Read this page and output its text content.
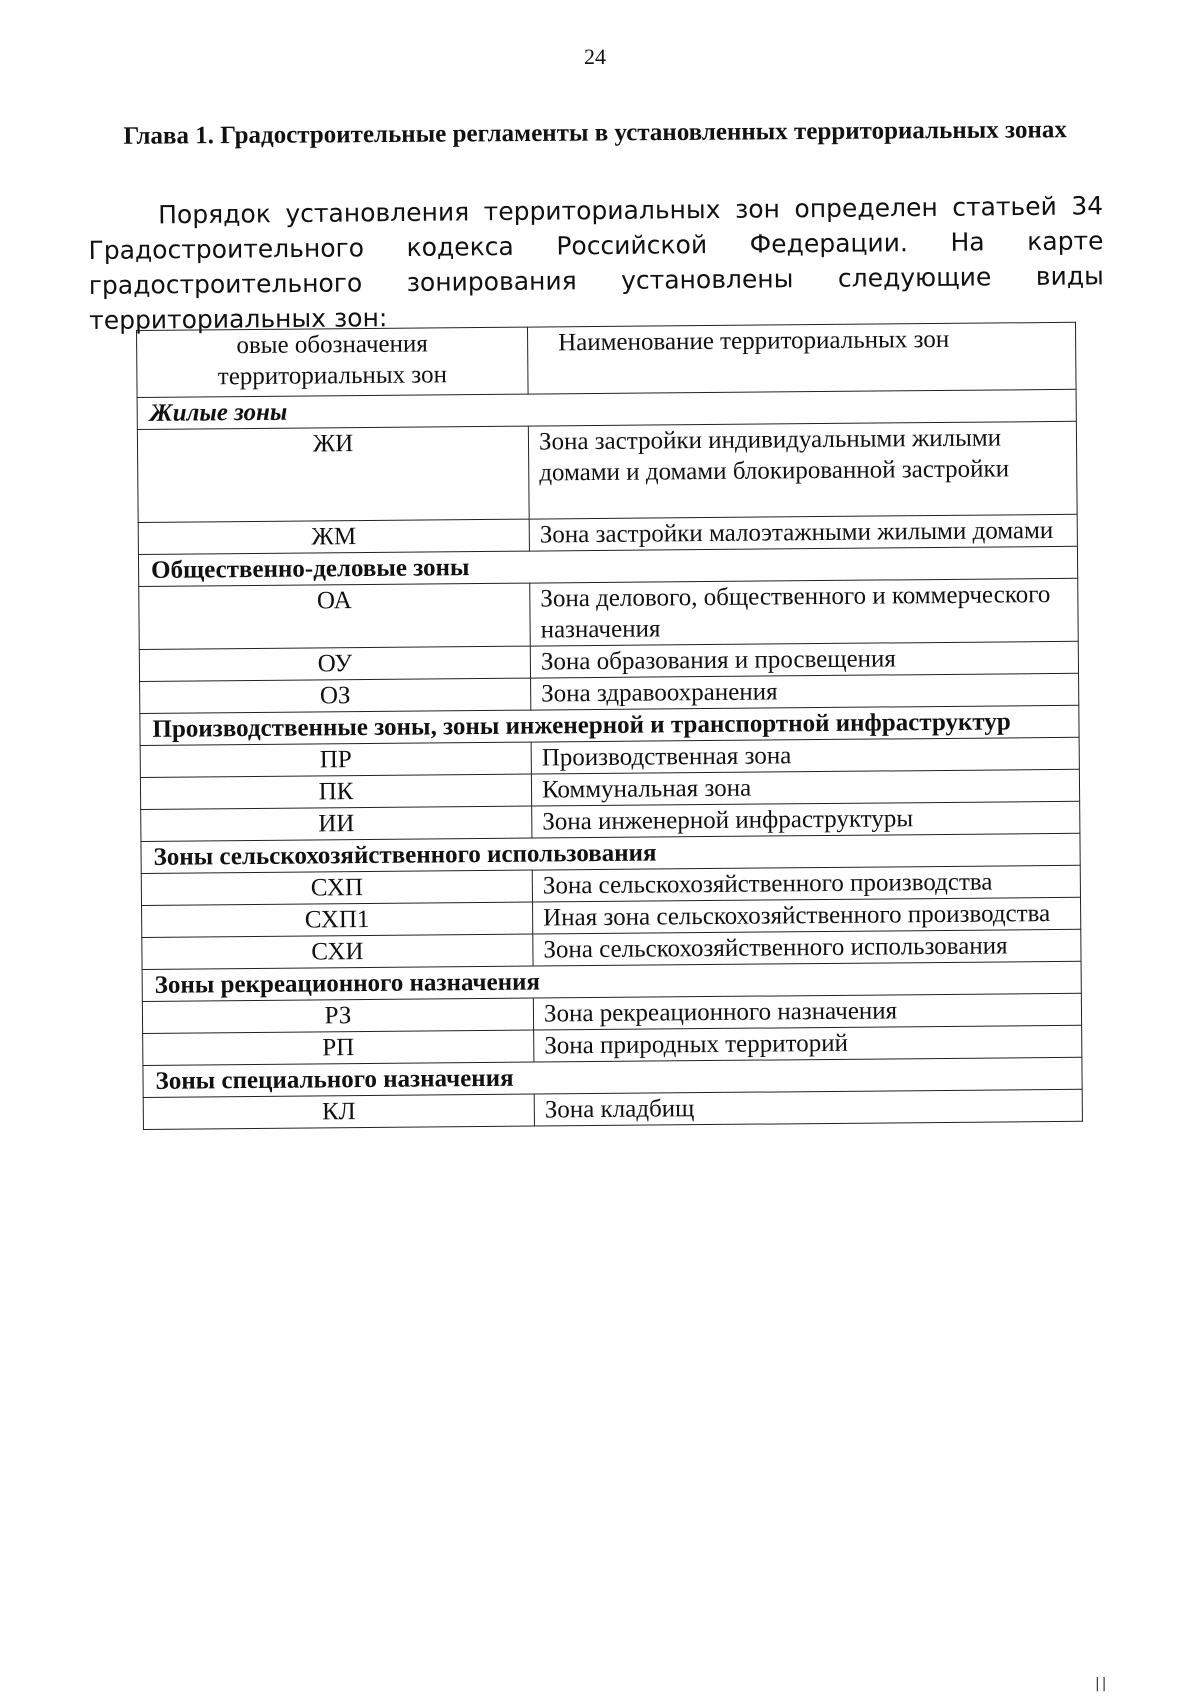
24
Глава 1. Градостроительные регламенты в установленных территориальных зонах

Порядок установления территориальных зон определен статьей 34 Градостроительного кодекса Российской Федерации. На карте градостроительного зонирования установлены следующие виды территориальных зон:

овые обозначения территориальных зон	Наименование территориальных зон
Жилые зоны	
ЖИ	Зона застройки индивидуальными жилыми домами и домами блокированной застройки
ЖМ	Зона застройки малоэтажными жилыми домами
Общественно-деловые зоны	
ОА	Зона делового, общественного и коммерческого назначения
ОУ	Зона образования и просвещения
ОЗ	Зона здравоохранения
Производственные зоны, зоны инженерной и транспортной инфраструктур	
ПР	Производственная зона
ПК	Коммунальная зона
ИИ	Зона инженерной инфраструктуры
Зоны сельскохозяйственного использования	
СХП	Зона сельскохозяйственного производства
СХП1	Иная зона сельскохозяйственного производства
СХИ	Зона сельскохозяйственного использования
Зоны рекреационного назначения	
РЗ	Зона рекреационного назначения
РП	Зона природных территорий
Зоны специального назначения	
КЛ	Зона кладбищ
||
